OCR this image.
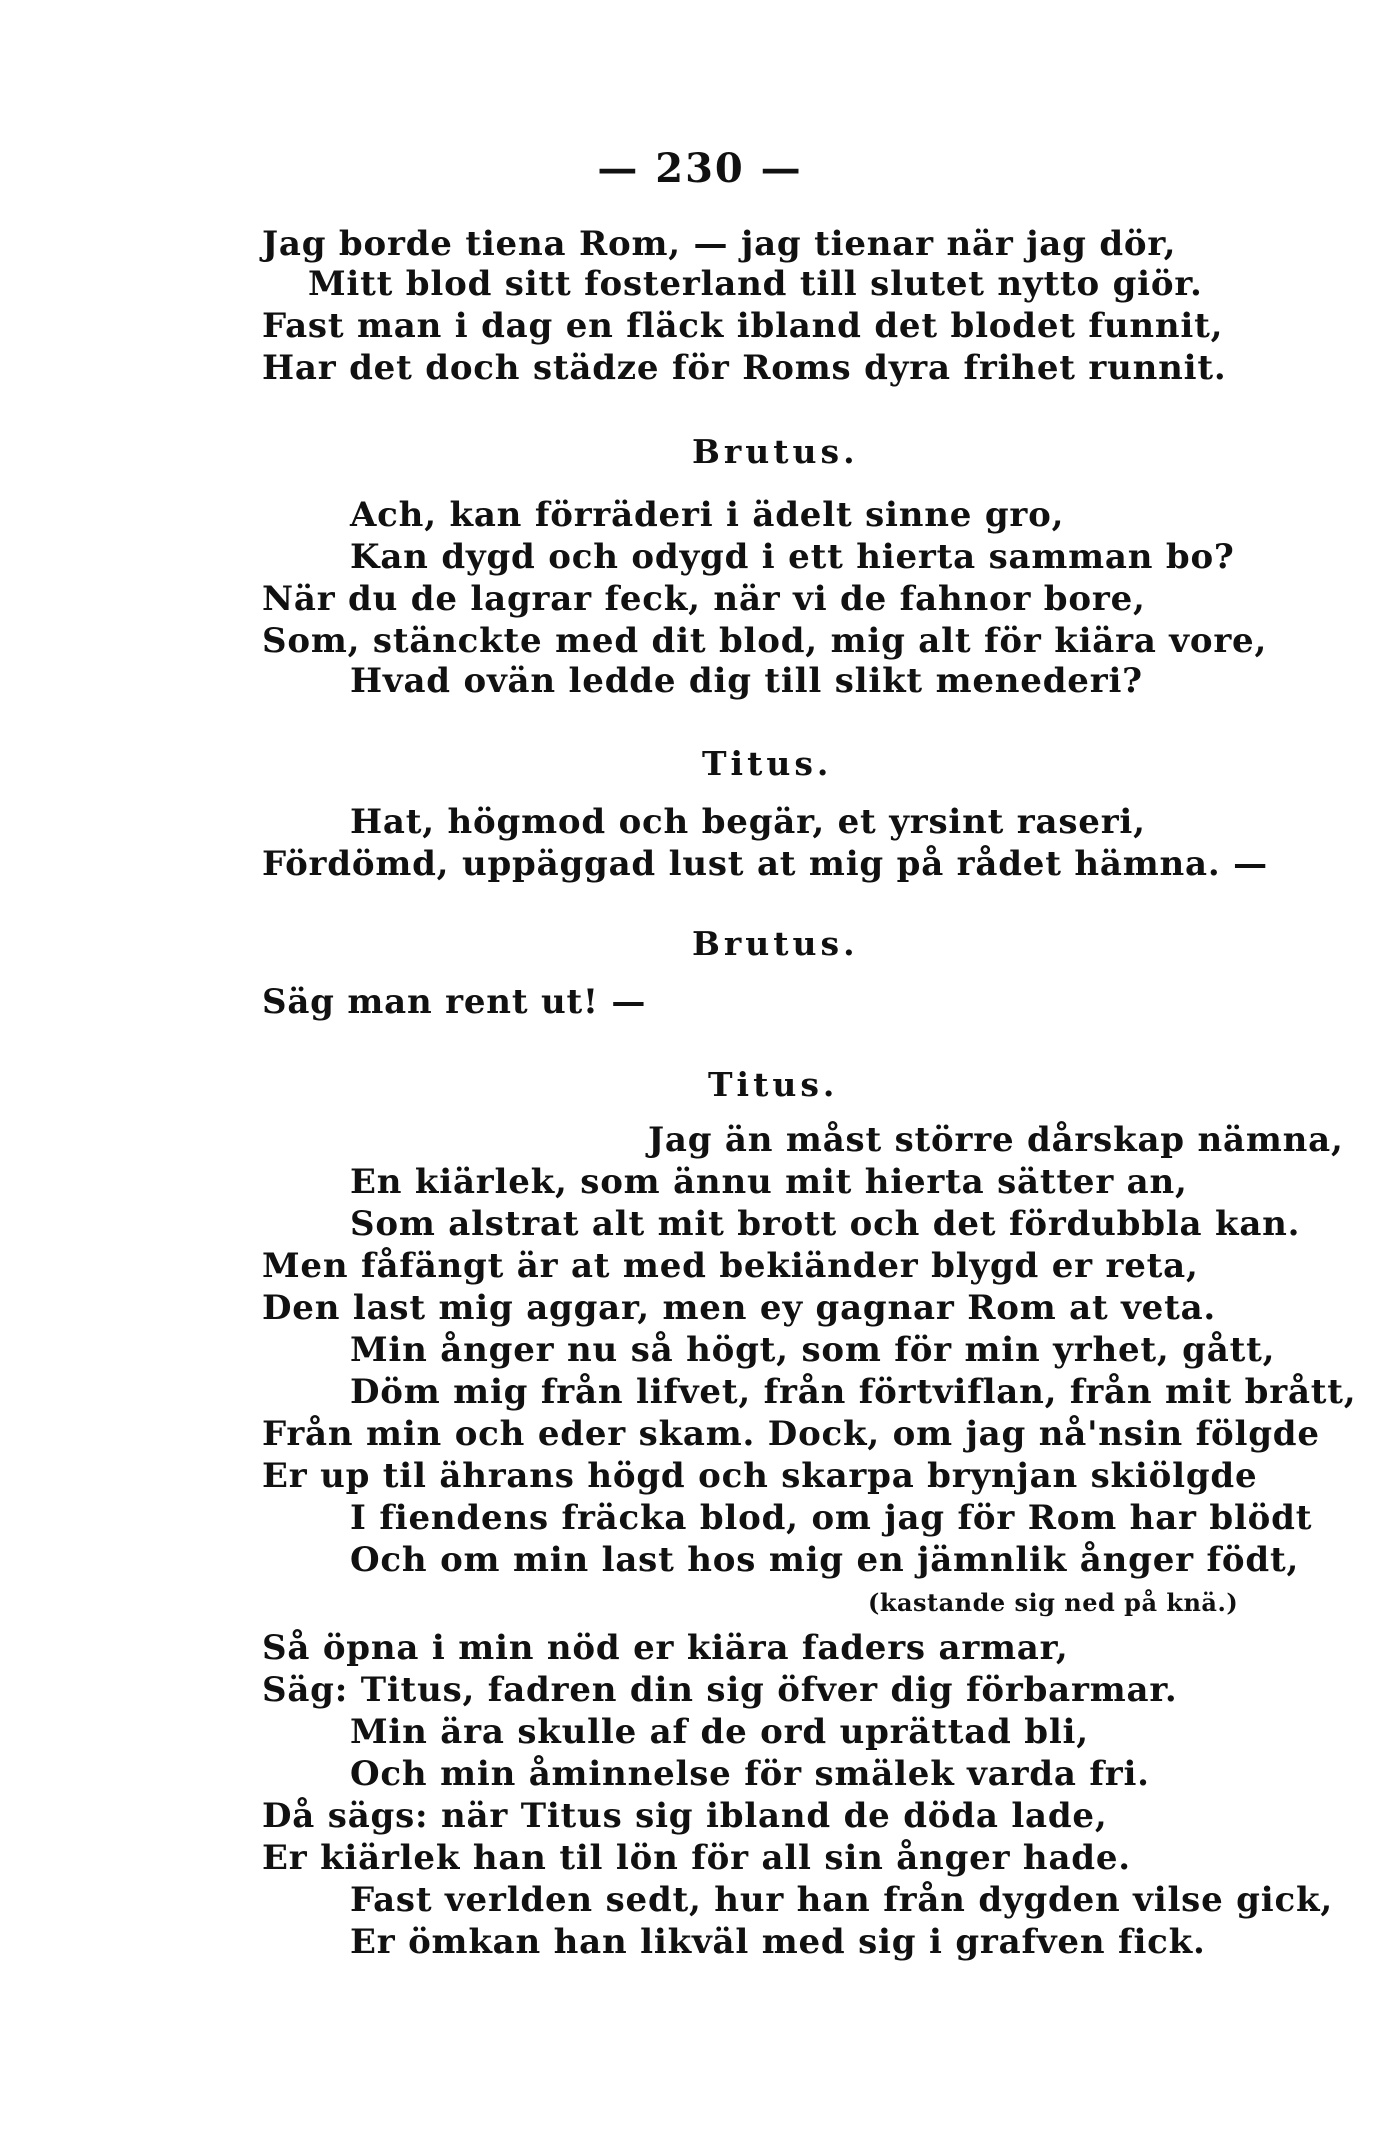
— 230 —
Jag borde tiena Rom, — jag tienar när jag dör,
Mitt blod sitt fosterland till slutet nytto giör.
Fast man i dag en fläck ibland det blodet funnit,
Har det doch städze för Roms dyra frihet runnit.
Brutus.
Ach, kan förräderi i ädelt sinne gro,
Kan dygd och odygd i ett hierta samman bo?
När du de lagrar feck, när vi de fahnor bore,
Som, stänckte med dit blod, mig alt för kiära vore,
Hvad ovän ledde dig till slikt menederi?
Titus.
Hat, högmod och begär, et yrsint raseri,
Fördömd, uppäggad lust at mig på rådet hämna. —
Brutus.
Säg man rent ut! —
Titus.
Jag än måst större dårskap nämna,
En kiärlek, som ännu mit hierta sätter an,
Som alstrat alt mit brott och det fördubbla kan.
Men fåfängt är at med bekiänder blygd er reta,
Den last mig aggar, men ey gagnar Rom at veta.
Min ånger nu så högt, som för min yrhet, gått,
Döm mig från lifvet, från förtviflan, från mit brått,
Från min och eder skam. Dock, om jag nå'nsin fölgde
Er up til ährans högd och skarpa brynjan skiölgde
I fiendens fräcka blod, om jag för Rom har blödt
Och om min last hos mig en jämnlik ånger födt,
(kastande sig ned på knä.)
Så öpna i min nöd er kiära faders armar,
Säg: Titus, fadren din sig öfver dig förbarmar.
Min ära skulle af de ord uprättad bli,
Och min åminnelse för smälek varda fri.
Då sägs: när Titus sig ibland de döda lade,
Er kiärlek han til lön för all sin ånger hade.
Fast verlden sedt, hur han från dygden vilse gick,
Er ömkan han likväl med sig i grafven fick.
